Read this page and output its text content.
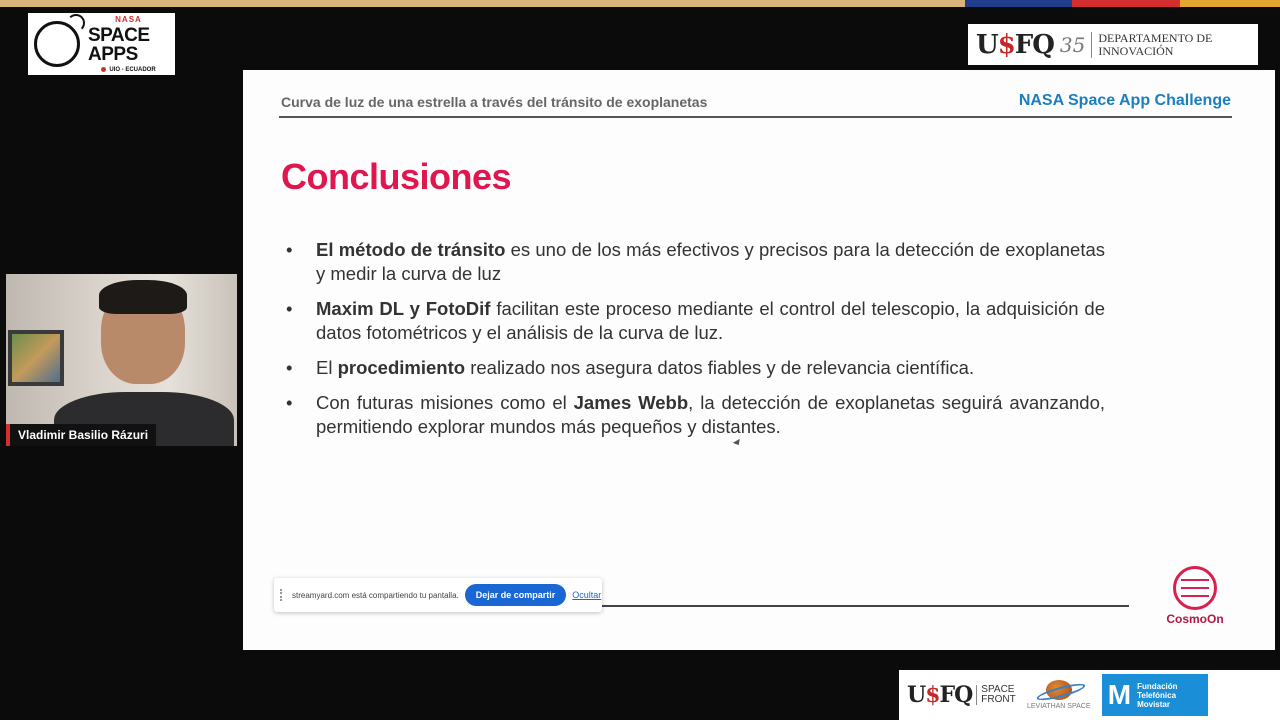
NASA
SPACE APPS
UIO - ECUADOR
U$FQ 35 DEPARTAMENTO DE
INNOVACIÓN
Curva de luz de una estrella a través del tránsito de exoplanetas	NASA Space App Challenge
Conclusiones
• El método de tránsito es uno de los más efectivos y precisos para la detección de exoplanetas y medir la curva de luz
• Maxim DL y FotoDif facilitan este proceso mediante el control del telescopio, la adquisición de datos fotométricos y el análisis de la curva de luz.
• El procedimiento realizado nos asegura datos fiables y de relevancia científica.
• Con futuras misiones como el James Webb, la detección de exoplanetas seguirá avanzando, permitiendo explorar mundos más pequeños y distantes.
streamyard.com está compartiendo tu pantalla.	Dejar de compartir	Ocultar
CosmoOn
Vladimir Basilio Rázuri
U$FQ SPACE
FRONT
LEVIATHAN SPACE M Fundación
Telefónica
Movistar
